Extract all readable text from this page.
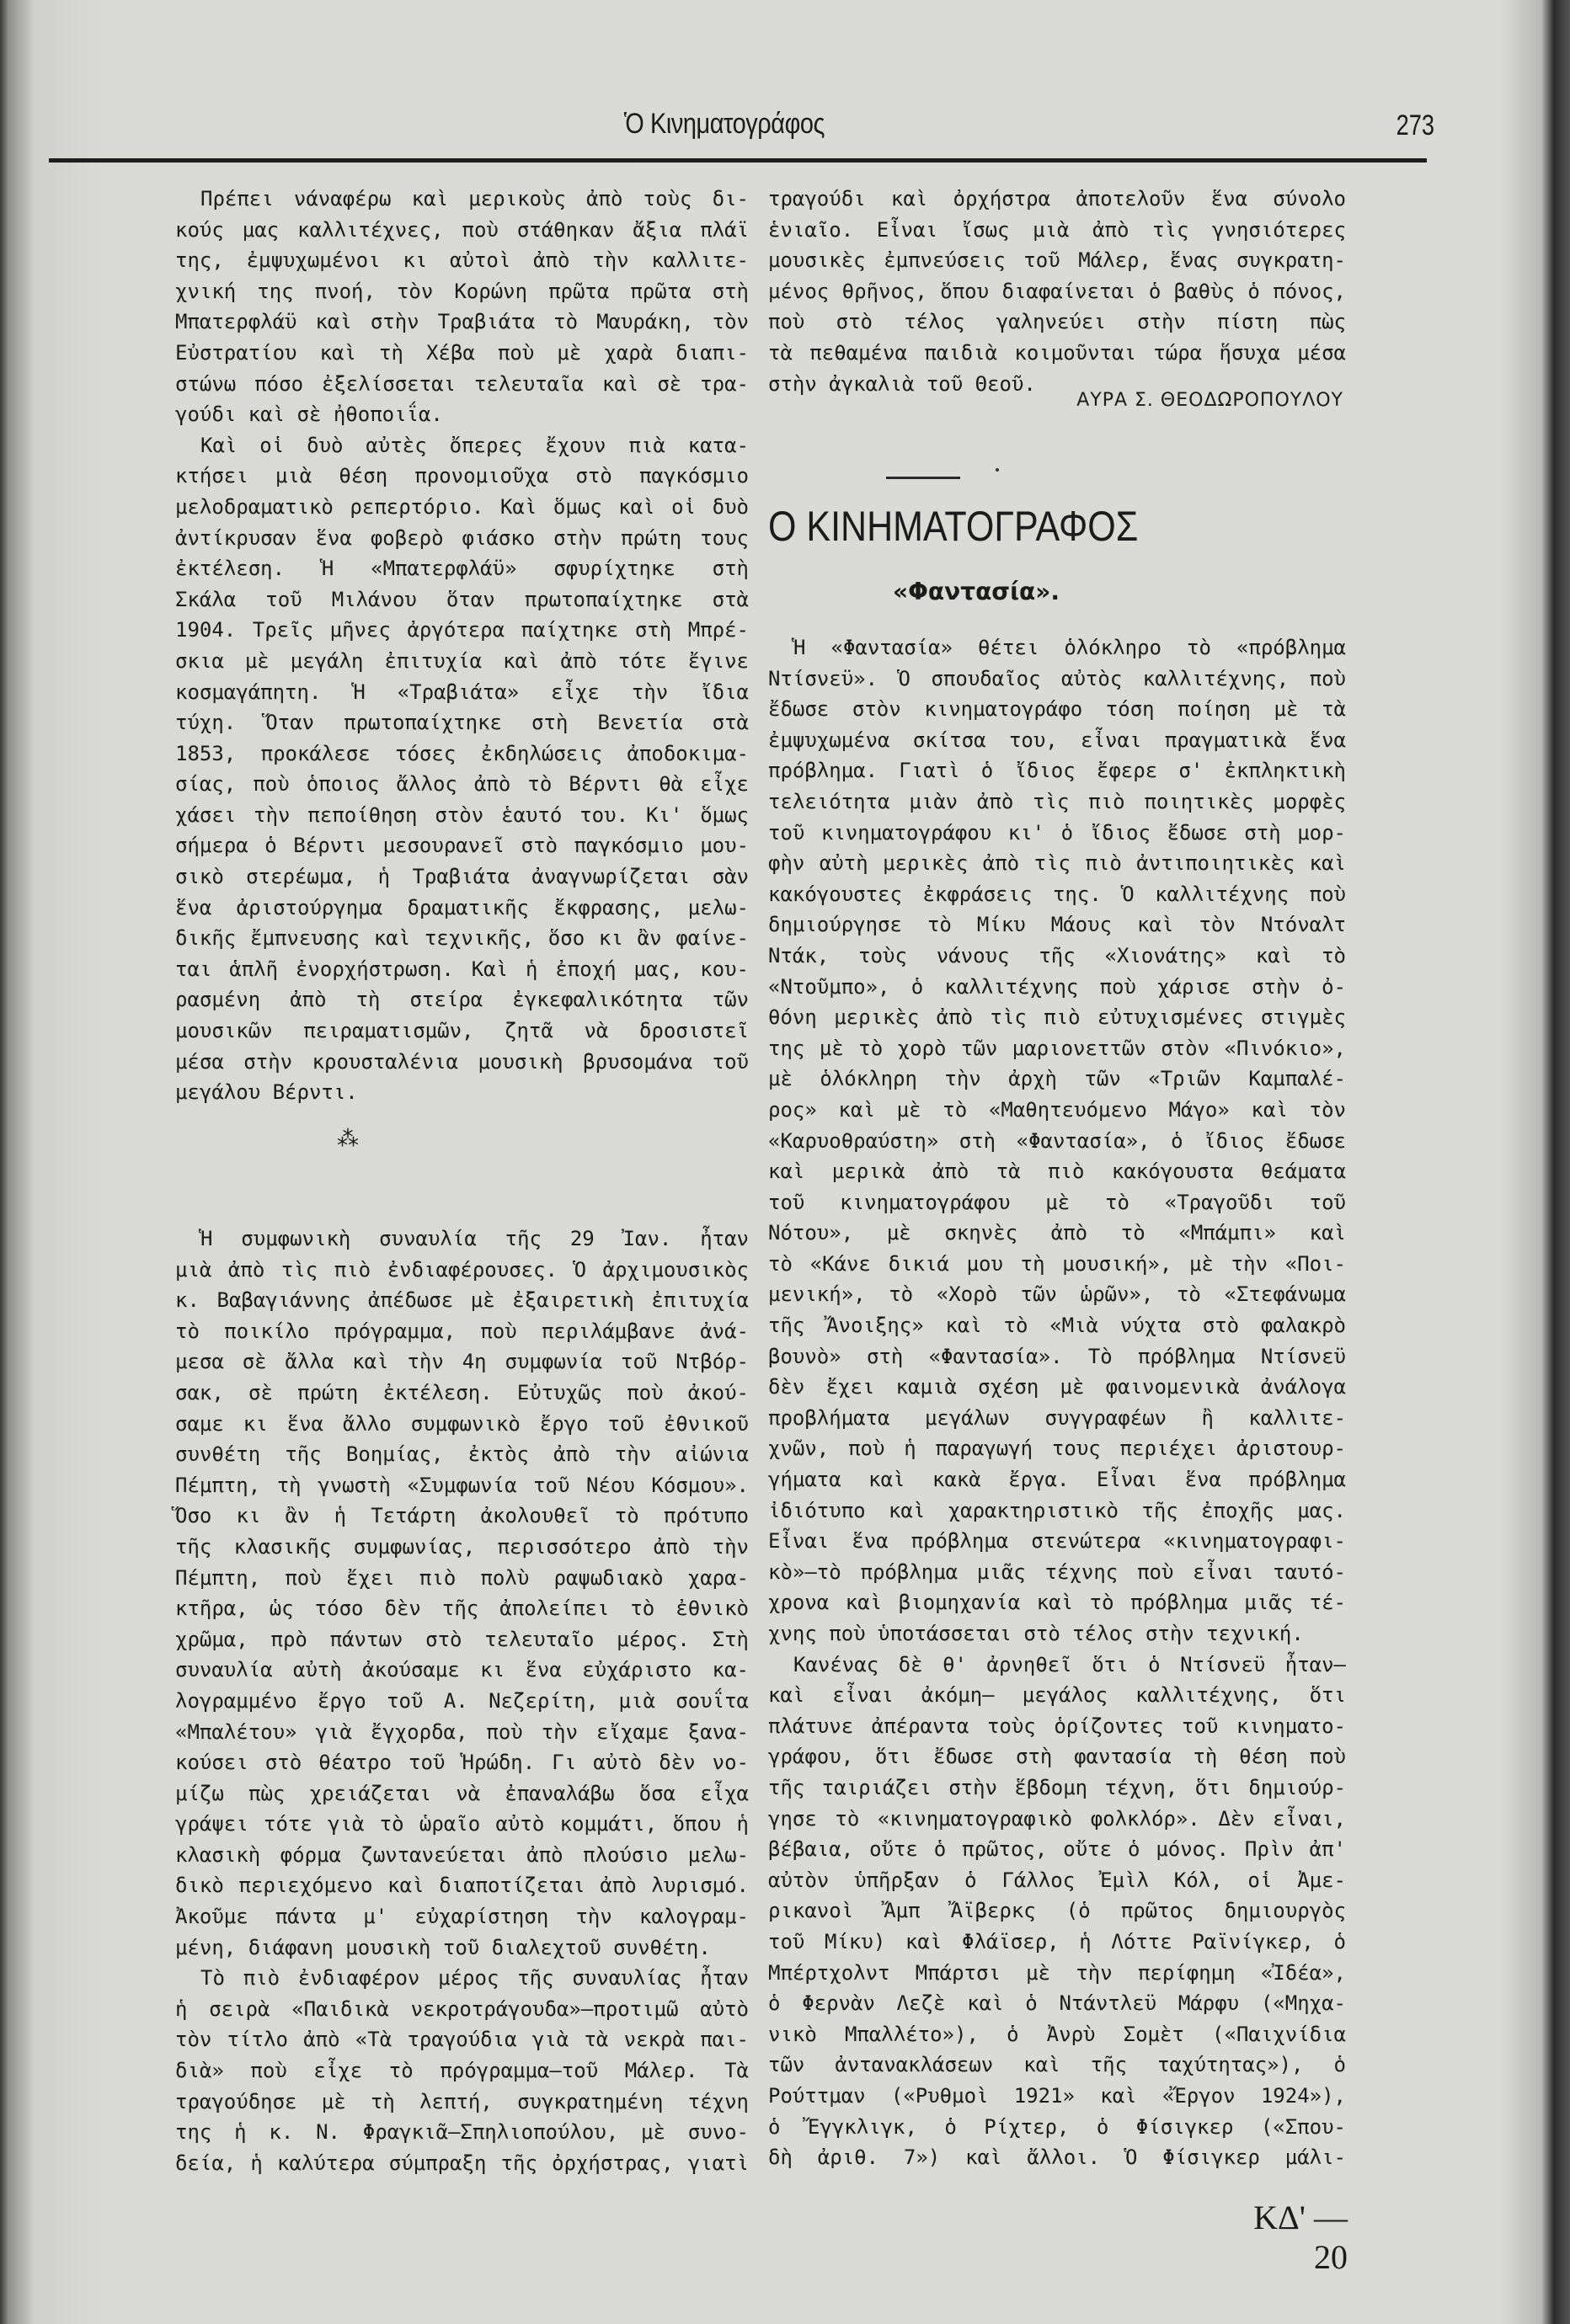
Ὁ Κινηματογράφος	273
Πρέπει νάναφέρω καὶ μερικοὺς ἀπὸ τοὺς δι-
κούς μας καλλιτέχνες, ποὺ στάθηκαν ἄξια πλάϊ
της, ἐμψυχωμένοι κι αὐτοὶ ἀπὸ τὴν καλλιτε-
χνική της πνοή, τὸν Κορώνη πρῶτα πρῶτα στὴ
Μπατερφλάϋ καὶ στὴν Τραβιάτα τὸ Μαυράκη, τὸν
Εὐστρατίου καὶ τὴ Χέβα ποὺ μὲ χαρὰ διαπι-
στώνω πόσο ἐξελίσσεται τελευταῖα καὶ σὲ τρα-
γούδι καὶ σὲ ἠθοποιΐα.
Καὶ οἱ δυὸ αὐτὲς ὄπερες ἔχουν πιὰ κατα-
κτήσει μιὰ θέση προνομιοῦχα στὸ παγκόσμιο
μελοδραματικὸ ρεπερτόριο. Καὶ ὅμως καὶ οἱ δυὸ
ἀντίκρυσαν ἕνα φοβερὸ φιάσκο στὴν πρώτη τους
ἐκτέλεση. Ἡ «Μπατερφλάϋ» σφυρίχτηκε στὴ
Σκάλα τοῦ Μιλάνου ὅταν πρωτοπαίχτηκε στὰ
1904. Τρεῖς μῆνες ἀργότερα παίχτηκε στὴ Μπρέ-
σκια μὲ μεγάλη ἐπιτυχία καὶ ἀπὸ τότε ἔγινε
κοσμαγάπητη. Ἡ «Τραβιάτα» εἶχε τὴν ἴδια
τύχη. Ὅταν πρωτοπαίχτηκε στὴ Βενετία στὰ
1853, προκάλεσε τόσες ἐκδηλώσεις ἀποδοκιμα-
σίας, ποὺ ὁποιος ἄλλος ἀπὸ τὸ Βέρντι θὰ εἶχε
χάσει τὴν πεποίθηση στὸν ἑαυτό του. Κι' ὅμως
σήμερα ὁ Βέρντι μεσουρανεῖ στὸ παγκόσμιο μου-
σικὸ στερέωμα, ἡ Τραβιάτα ἀναγνωρίζεται σὰν
ἕνα ἀριστούργημα δραματικῆς ἔκφρασης, μελω-
δικῆς ἔμπνευσης καὶ τεχνικῆς, ὅσο κι ἂν φαίνε-
ται ἁπλῆ ἐνορχήστρωση. Καὶ ἡ ἐποχή μας, κου-
ρασμένη ἀπὸ τὴ στείρα ἐγκεφαλικότητα τῶν
μουσικῶν πειραματισμῶν, ζητᾶ νὰ δροσιστεῖ
μέσα στὴν κρουσταλένια μουσικὴ βρυσομάνα τοῦ
μεγάλου Βέρντι.
⁂
Ἡ συμφωνικὴ συναυλία τῆς 29 Ἰαν. ἦταν
μιὰ ἀπὸ τὶς πιὸ ἐνδιαφέρουσες. Ὁ ἀρχιμουσικὸς
κ. Βαβαγιάννης ἀπέδωσε μὲ ἐξαιρετικὴ ἐπιτυχία
τὸ ποικίλο πρόγραμμα, ποὺ περιλάμβανε ἀνά-
μεσα σὲ ἄλλα καὶ τὴν 4η συμφωνία τοῦ Ντβόρ-
σακ, σὲ πρώτη ἐκτέλεση. Εὐτυχῶς ποὺ ἀκού-
σαμε κι ἕνα ἄλλο συμφωνικὸ ἔργο τοῦ ἐθνικοῦ
συνθέτη τῆς Βοημίας, ἐκτὸς ἀπὸ τὴν αἰώνια
Πέμπτη, τὴ γνωστὴ «Συμφωνία τοῦ Νέου Κόσμου».
Ὅσο κι ἂν ἡ Τετάρτη ἀκολουθεῖ τὸ πρότυπο
τῆς κλασικῆς συμφωνίας, περισσότερο ἀπὸ τὴν
Πέμπτη, ποὺ ἔχει πιὸ πολὺ ραψωδιακὸ χαρα-
κτῆρα, ὡς τόσο δὲν τῆς ἀπολείπει τὸ ἐθνικὸ
χρῶμα, πρὸ πάντων στὸ τελευταῖο μέρος. Στὴ
συναυλία αὐτὴ ἀκούσαμε κι ἕνα εὐχάριστο κα-
λογραμμένο ἔργο τοῦ Α. Νεζερίτη, μιὰ σουΐτα
«Μπαλέτου» γιὰ ἔγχορδα, ποὺ τὴν εἴχαμε ξανα-
κούσει στὸ θέατρο τοῦ Ἡρώδη. Γι αὐτὸ δὲν νο-
μίζω πὼς χρειάζεται νὰ ἐπαναλάβω ὅσα εἶχα
γράψει τότε γιὰ τὸ ὡραῖο αὐτὸ κομμάτι, ὅπου ἡ
κλασικὴ φόρμα ζωντανεύεται ἀπὸ πλούσιο μελω-
δικὸ περιεχόμενο καὶ διαποτίζεται ἀπὸ λυρισμό.
Ἀκοῦμε πάντα μ' εὐχαρίστηση τὴν καλογραμ-
μένη, διάφανη μουσικὴ τοῦ διαλεχτοῦ συνθέτη.
Τὸ πιὸ ἐνδιαφέρον μέρος τῆς συναυλίας ἦταν
ἡ σειρὰ «Παιδικὰ νεκροτράγουδα»—προτιμῶ αὐτὸ
τὸν τίτλο ἀπὸ «Τὰ τραγούδια γιὰ τὰ νεκρὰ παι-
διὰ» ποὺ εἶχε τὸ πρόγραμμα—τοῦ Μάλερ. Τὰ
τραγούδησε μὲ τὴ λεπτή, συγκρατημένη τέχνη
της ἡ κ. Ν. Φραγκιᾶ—Σπηλιοπούλου, μὲ συνο-
δεία, ἡ καλύτερα σύμπραξη τῆς ὀρχήστρας, γιατὶ
τραγούδι καὶ ὀρχήστρα ἀποτελοῦν ἕνα σύνολο
ἑνιαῖο. Εἶναι ἴσως μιὰ ἀπὸ τὶς γνησιότερες
μουσικὲς ἐμπνεύσεις τοῦ Μάλερ, ἕνας συγκρατη-
μένος θρῆνος, ὅπου διαφαίνεται ὁ βαθὺς ὁ πόνος,
ποὺ στὸ τέλος γαληνεύει στὴν πίστη πὼς
τὰ πεθαμένα παιδιὰ κοιμοῦνται τώρα ἥσυχα μέσα
στὴν ἀγκαλιὰ τοῦ Θεοῦ.
ΑΥΡΑ Σ. ΘΕΟΔΩΡΟΠΟΥΛΟΥ
Ο ΚΙΝΗΜΑΤΟΓΡΑΦΟΣ
«Φαντασία».
Ἡ «Φαντασία» θέτει ὁλόκληρο τὸ «πρόβλημα
Ντίσνεϋ». Ὁ σπουδαῖος αὐτὸς καλλιτέχνης, ποὺ
ἔδωσε στὸν κινηματογράφο τόση ποίηση μὲ τὰ
ἐμψυχωμένα σκίτσα του, εἶναι πραγματικὰ ἕνα
πρόβλημα. Γιατὶ ὁ ἴδιος ἔφερε σ' ἐκπληκτικὴ
τελειότητα μιὰν ἀπὸ τὶς πιὸ ποιητικὲς μορφὲς
τοῦ κινηματογράφου κι' ὁ ἴδιος ἔδωσε στὴ μορ-
φὴν αὐτὴ μερικὲς ἀπὸ τὶς πιὸ ἀντιποιητικὲς καὶ
κακόγουστες ἐκφράσεις της. Ὁ καλλιτέχνης ποὺ
δημιούργησε τὸ Μίκυ Μάους καὶ τὸν Ντόναλτ
Ντάκ, τοὺς νάνους τῆς «Χιονάτης» καὶ τὸ
«Ντοῦμπο», ὁ καλλιτέχνης ποὺ χάρισε στὴν ὀ-
θόνη μερικὲς ἀπὸ τὶς πιὸ εὐτυχισμένες στιγμὲς
της μὲ τὸ χορὸ τῶν μαριονεττῶν στὸν «Πινόκιο»,
μὲ ὁλόκληρη τὴν ἀρχὴ τῶν «Τριῶν Καμπαλέ-
ρος» καὶ μὲ τὸ «Μαθητευόμενο Μάγο» καὶ τὸν
«Καρυοθραύστη» στὴ «Φαντασία», ὁ ἴδιος ἔδωσε
καὶ μερικὰ ἀπὸ τὰ πιὸ κακόγουστα θεάματα
τοῦ κινηματογράφου μὲ τὸ «Τραγοῦδι τοῦ
Νότου», μὲ σκηνὲς ἀπὸ τὸ «Μπάμπι» καὶ
τὸ «Κάνε δικιά μου τὴ μουσική», μὲ τὴν «Ποι-
μενική», τὸ «Χορὸ τῶν ὡρῶν», τὸ «Στεφάνωμα
τῆς Ἄνοιξης» καὶ τὸ «Μιὰ νύχτα στὸ φαλακρὸ
βουνὸ» στὴ «Φαντασία». Τὸ πρόβλημα Ντίσνεϋ
δὲν ἔχει καμιὰ σχέση μὲ φαινομενικὰ ἀνάλογα
προβλήματα μεγάλων συγγραφέων ἢ καλλιτε-
χνῶν, ποὺ ἡ παραγωγή τους περιέχει ἀριστουρ-
γήματα καὶ κακὰ ἔργα. Εἶναι ἕνα πρόβλημα
ἰδιότυπο καὶ χαρακτηριστικὸ τῆς ἐποχῆς μας.
Εἶναι ἕνα πρόβλημα στενώτερα «κινηματογραφι-
κὸ»—τὸ πρόβλημα μιᾶς τέχνης ποὺ εἶναι ταυτό-
χρονα καὶ βιομηχανία καὶ τὸ πρόβλημα μιᾶς τέ-
χνης ποὺ ὑποτάσσεται στὸ τέλος στὴν τεχνική.
Κανένας δὲ θ' ἀρνηθεῖ ὅτι ὁ Ντίσνεϋ ἦταν—
καὶ εἶναι ἀκόμη— μεγάλος καλλιτέχνης, ὅτι
πλάτυνε ἀπέραντα τοὺς ὁρίζοντες τοῦ κινηματο-
γράφου, ὅτι ἔδωσε στὴ φαντασία τὴ θέση ποὺ
τῆς ταιριάζει στὴν ἕβδομη τέχνη, ὅτι δημιούρ-
γησε τὸ «κινηματογραφικὸ φολκλόρ». Δὲν εἶναι,
βέβαια, οὔτε ὁ πρῶτος, οὔτε ὁ μόνος. Πρὶν ἀπ'
αὐτὸν ὑπῆρξαν ὁ Γάλλος Ἐμὶλ Κόλ, οἱ Ἀμε-
ρικανοὶ Ἄμπ Ἄϊβερκς (ὁ πρῶτος δημιουργὸς
τοῦ Μίκυ) καὶ Φλάϊσερ, ἡ Λόττε Ραϊνίγκερ, ὁ
Μπέρτχολντ Μπάρτσι μὲ τὴν περίφημη «Ἰδέα»,
ὁ Φερνὰν Λεζὲ καὶ ὁ Ντάντλεϋ Μάρφυ («Μηχα-
νικὸ Μπαλλέτο»), ὁ Ἀνρὺ Σομὲτ («Παιχνίδια
τῶν ἀντανακλάσεων καὶ τῆς ταχύτητας»), ὁ
Ρούττμαν («Ρυθμοὶ 1921» καὶ «Ἔργον 1924»),
ὁ Ἔγγκλιγκ, ὁ Ρίχτερ, ὁ Φίσιγκερ («Σπου-
δὴ ἀριθ. 7») καὶ ἄλλοι. Ὁ Φίσιγκερ μάλι-
ΚΔ' — 20
